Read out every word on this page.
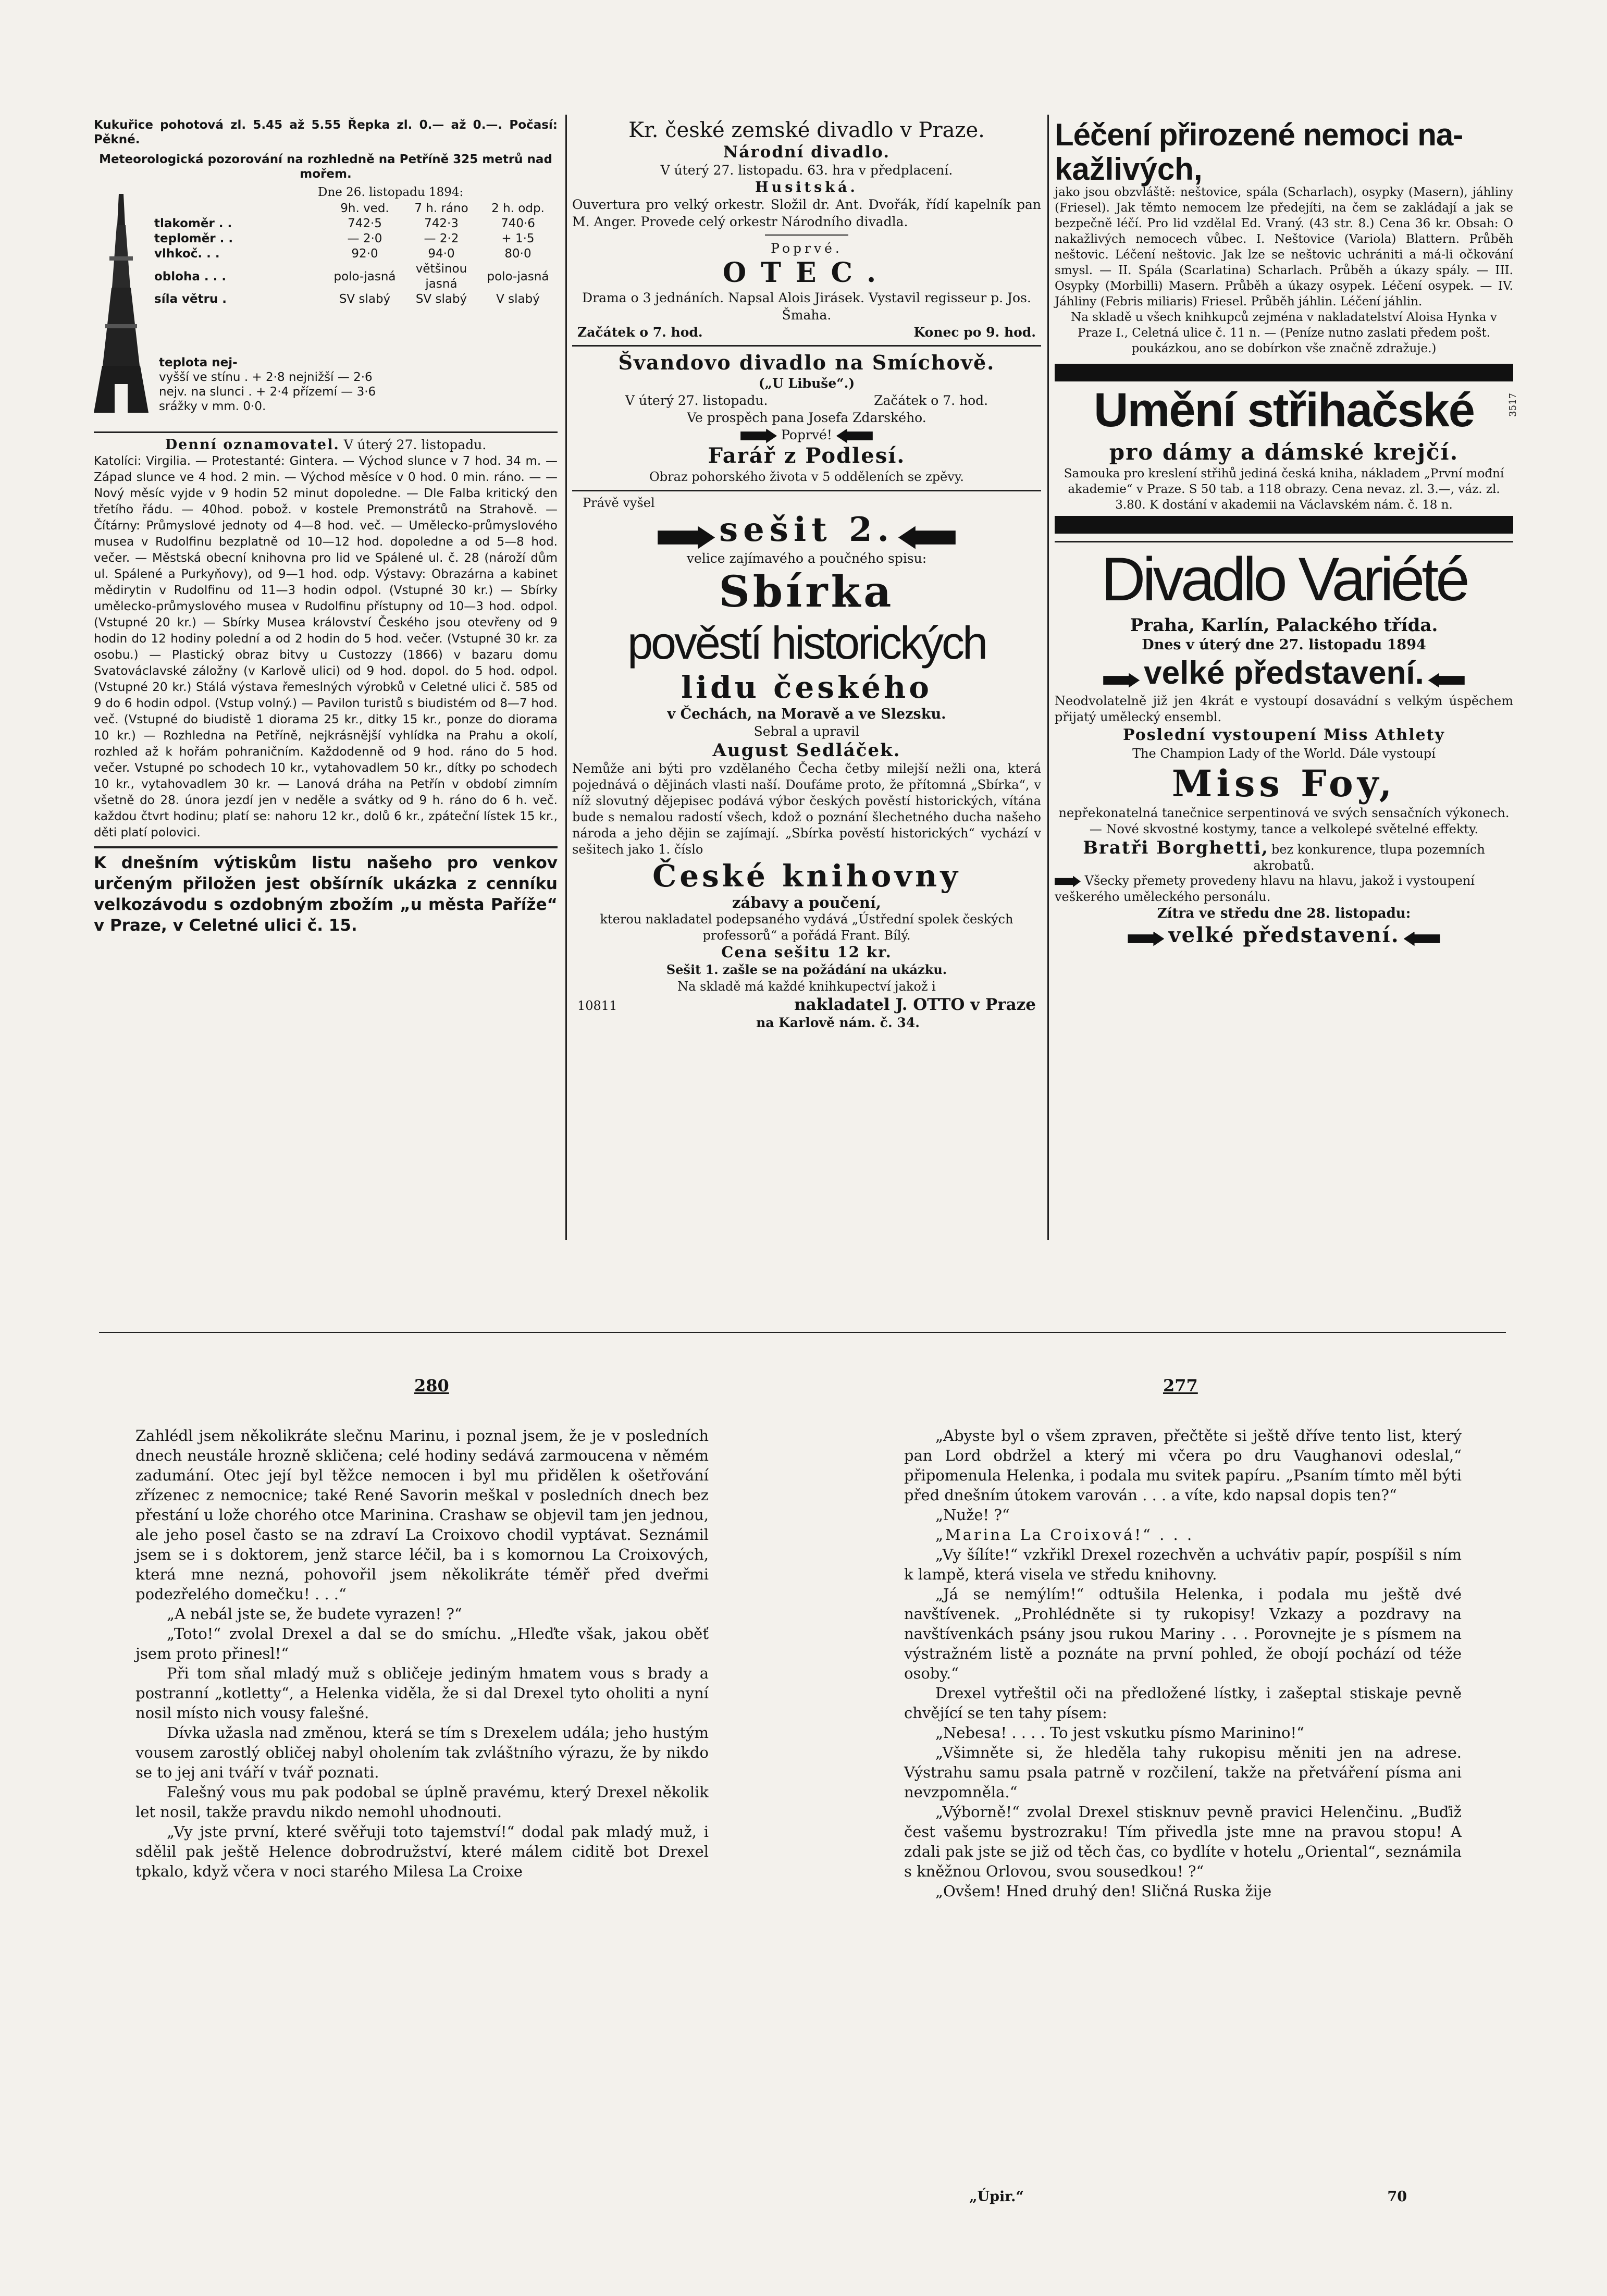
Kukuřice pohotová zl. 5.45 až 5.55 Řepka zl. 0.— až 0.—. Počasí: Pěkné.

Meteorologická pozorování na rozhledně na Petříně 325 metrů nad mořem.

Dne 26. listopadu 1894:
	9h. ved.	7 h. ráno	2 h. odp.
tlakoměr . .	742·5	742·3	740·6
teploměr . .	— 2·0	— 2·2	+ 1·5
vlhkoč. . .	92·0	94·0	80·0
obloha . . .	polo-jasná	většinou jasná	polo-jasná
síla větru .	SV slabý	SV slabý	V slabý
teplota nej-
vyšší ve stínu . + 2·8 nejnižší — 2·6
nejv. na slunci . + 2·4 přízemí — 3·6
srážky v mm. 0·0.

Denní oznamovatel. V úterý 27. listopadu.

Katolíci: Virgilia. — Protestanté: Gintera. — Východ slunce v 7 hod. 34 m. — Západ slunce ve 4 hod. 2 min. — Východ měsíce v 0 hod. 0 min. ráno. — — Nový měsíc vyjde v 9 hodin 52 minut dopoledne. — Dle Falba kritický den třetího řádu. — 40hod. pobož. v kostele Premonstrátů na Strahově. — Čítárny: Průmyslové jednoty od 4—8 hod. več. — Umělecko-průmyslového musea v Rudolfinu bezplatně od 10—12 hod. dopoledne a od 5—8 hod. večer. — Městská obecní knihovna pro lid ve Spálené ul. č. 28 (nároží dům ul. Spálené a Purkyňovy), od 9—1 hod. odp. Výstavy: Obrazárna a kabinet mědirytin v Rudolfinu od 11—3 hodin odpol. (Vstupné 30 kr.) — Sbírky umělecko-průmyslového musea v Rudolfinu přístupny od 10—3 hod. odpol. (Vstupné 20 kr.) — Sbírky Musea království Českého jsou otevřeny od 9 hodin do 12 hodiny polední a od 2 hodin do 5 hod. večer. (Vstupné 30 kr. za osobu.) — Plastický obraz bitvy u Custozzy (1866) v bazaru domu Svatováclavské záložny (v Karlově ulici) od 9 hod. dopol. do 5 hod. odpol. (Vstupné 20 kr.) Stálá výstava řemeslných výrobků v Celetné ulici č. 585 od 9 do 6 hodin odpol. (Vstup volný.) — Pavilon turistů s biudistém od 8—7 hod. več. (Vstupné do biudistě 1 diorama 25 kr., ditky 15 kr., ponze do diorama 10 kr.) — Rozhledna na Petříně, nejkrásnější vyhlídka na Prahu a okolí, rozhled až k hořám pohraničním. Každodenně od 9 hod. ráno do 5 hod. večer. Vstupné po schodech 10 kr., vytahovadlem 50 kr., dítky po schodech 10 kr., vytahovadlem 30 kr. — Lanová dráha na Petřín v období zimním všetně do 28. února jezdí jen v neděle a svátky od 9 h. ráno do 6 h. več. každou čtvrt hodinu; platí se: nahoru 12 kr., dolů 6 kr., zpáteční lístek 15 kr., děti platí polovici.

K dnešním výtiskům listu našeho pro venkov určeným přiložen jest obšírník ukázka z cenníku velkozávodu s ozdobným zbožím „u města Paříže“ v Praze, v Celetné ulici č. 15.

Kr. české zemské divadlo v Praze.
Národní divadlo.
V úterý 27. listopadu. 63. hra v předplacení.
Husitská.

Ouvertura pro velký orkestr. Složil dr. Ant. Dvořák, řídí kapelník pan M. Anger. Provede celý orkestr Národního divadla.

Poprvé.
OTEC.

Drama o 3 jednáních. Napsal Alois Jirásek. Vystavil regisseur p. Jos. Šmaha.

Začátek o 7. hod.	Konec po 9. hod.
Švandovo divadlo na Smíchově.
(„U Libuše“.)
V úterý 27. listopadu.	Začátek o 7. hod.
Ve prospěch pana Josefa Zdarského.
Poprvé!
Farář z Podlesí.
Obraz pohorského života v 5 odděleních se zpěvy.
Právě vyšel
sešit 2.
velice zajímavého a poučného spisu:
Sbírka
pověstí historických
lidu českého
v Čechách, na Moravě a ve Slezsku.
Sebral a upravil
August Sedláček.

Nemůže ani býti pro vzdělaného Čecha četby milejší nežli ona, která pojednává o dějinách vlasti naší. Doufáme proto, že přítomná „Sbírka“, v níž slovutný dějepisec podává výbor českých pověstí historických, vítána bude s nemalou radostí všech, kdož o poznání šlechetného ducha našeho národa a jeho dějin se zajímají. „Sbírka pověstí historických“ vychází v sešitech jako 1. číslo

České knihovny
zábavy a poučení,

kterou nakladatel podepsaného vydává „Ústřední spolek českých professorů“ a pořádá Frant. Bílý.

Cena sešitu 12 kr.
Sešit 1. zašle se na požádání na ukázku.
Na skladě má každé knihkupectví jakož i
10811	nakladatel J. OTTO v Praze
na Karlově nám. č. 34.
Léčení přirozené nemoci na-
kažlivých,

jako jsou obzvláště: neštovice, spála (Scharlach), osypky (Masern), jáhliny (Friesel). Jak těmto nemocem lze předejíti, na čem se zakládají a jak se bezpečně léčí. Pro lid vzdělal Ed. Vraný. (43 str. 8.) Cena 36 kr. Obsah: O nakažlivých nemocech vůbec. I. Neštovice (Variola) Blattern. Průběh neštovic. Léčení neštovic. Jak lze se neštovic uchrániti a má-li očkování smysl. — II. Spála (Scarlatina) Scharlach. Průběh a úkazy spály. — III. Osypky (Morbilli) Masern. Průběh a úkazy osypek. Léčení osypek. — IV. Jáhliny (Febris miliaris) Friesel. Průběh jáhlin. Léčení jáhlin.

Na skladě u všech knihkupců zejména v nakladatelství Aloisa Hynka v Praze I., Celetná ulice č. 11 n. — (Peníze nutno zaslati předem pošt. poukázkou, ano se dobírkon vše značně zdražuje.)

Umění střihačské	3517
pro dámy a dámské krejčí.

Samouka pro kreslení střihů jediná česká kniha, nákladem „První mođní akademie“ v Praze. S 50 tab. a 118 obrazy. Cena nevaz. zl. 3.—, váz. zl. 3.80. K dostání v akademii na Václavském nám. č. 18 n.

Divadlo Variété
Praha, Karlín, Palackého třída.
Dnes v úterý dne 27. listopadu 1894
velké představení.

Neodvolatelně již jen 4krát e vystoupí dosavádní s velkým úspěchem přijatý umělecký ensembl.

Poslední vystoupení Miss Athlety
The Champion Lady of the World. Dále vystoupí
Miss Foy,

nepřekonatelná tanečnice serpentinová ve svých sensačních výkonech. — Nové skvostné kostymy, tance a velkolepé světelné effekty.

Bratři Borghetti, bez konkurence, tlupa pozemních akrobatů.
Všecky přemety provedeny hlavu na hlavu, jakož i vystoupení veškerého uměleckého personálu.
Zítra ve středu dne 28. listopadu:
velké představení.
280	277

Zahlédl jsem několikráte slečnu Marinu, i poznal jsem, že je v posledních dnech neustále hrozně skličena; celé hodiny sedává zarmoucena v němém zadumání. Otec její byl těžce nemocen i byl mu přidělen k ošetřování zřízenec z nemocnice; také René Savorin meškal v posledních dnech bez přestání u lože chorého otce Marinina. Crashaw se objevil tam jen jednou, ale jeho posel často se na zdraví La Croixovo chodil vyptávat. Seznámil jsem se i s doktorem, jenž starce léčil, ba i s komornou La Croixových, která mne nezná, pohovořil jsem několikráte téměř před dveřmi podezřelého domečku! . . .“

„A nebál jste se, že budete vyrazen! ?“

„Toto!“ zvolal Drexel a dal se do smíchu. „Hleďte však, jakou oběť jsem proto přinesl!“

Při tom sňal mladý muž s obličeje jediným hmatem vous s brady a postranní „kotletty“, a Helenka viděla, že si dal Drexel tyto oholiti a nyní nosil místo nich vousy falešné.

Dívka užasla nad změnou, která se tím s Drexelem udála; jeho hustým vousem zarostlý obličej nabyl oholením tak zvláštního výrazu, že by nikdo se to jej ani tváří v tvář poznati.

Falešný vous mu pak podobal se úplně pravému, který Drexel několik let nosil, takže pravdu nikdo nemohl uhodnouti.

„Vy jste první, které svěřuji toto tajemství!“ dodal pak mladý muž, i sdělil pak ještě Helence dobrodružství, které málem ciditě bot Drexel tpkalo, když včera v noci starého Milesa La Croixe

„Abyste byl o všem zpraven, přečtěte si ještě dříve tento list, který pan Lord obdržel a který mi včera po dru Vaughanovi odeslal,“ připomenula Helenka, i podala mu svitek papíru. „Psaním tímto měl býti před dnešním útokem varován . . . a víte, kdo napsal dopis ten?“

„Nuže! ?“

„Marina La Croixová!“ . . .

„Vy šílíte!“ vzkřikl Drexel rozechvěn a uchvátiv papír, pospíšil s ním k lampě, která visela ve středu knihovny.

„Já se nemýlím!“ odtušila Helenka, i podala mu ještě dvé navštívenek. „Prohlédněte si ty rukopisy! Vzkazy a pozdravy na navštívenkách psány jsou rukou Mariny . . . Porovnejte je s písmem na výstražném listě a poznáte na první pohled, že obojí pochází od téže osoby.“

Drexel vytřeštil oči na předložené lístky, i zašeptal stiskaje pevně chvějící se ten tahy písem:

„Nebesa! . . . . To jest vskutku písmo Marinino!“

„Všimněte si, že hleděla tahy rukopisu měniti jen na adrese. Výstrahu samu psala patrně v rozčilení, takže na přetváření písma ani nevzpomněla.“

„Výborně!“ zvolal Drexel stisknuv pevně pravici Helenčinu. „Buďiž čest vašemu bystrozraku! Tím přivedla jste mne na pravou stopu! A zdali pak jste se již od těch čas, co bydlíte v hotelu „Oriental“, seznámila s kněžnou Orlovou, svou sousedkou! ?“

„Ovšem! Hned druhý den! Sličná Ruska žije

„Úpir.“	70
